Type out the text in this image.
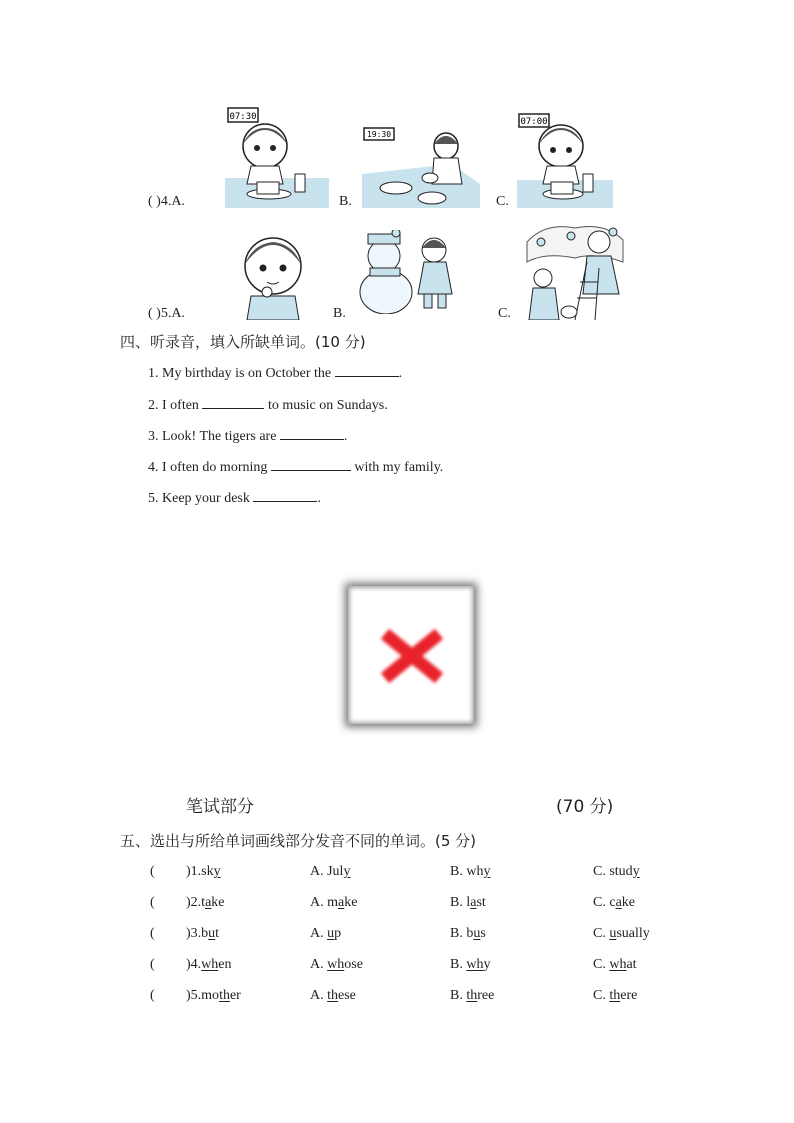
( )4.A.
07:30
B.
19:30
C.
07:00
( )5.A.	B.	C.
四、听录音，填入所缺单词。(10 分)
1. My birthday is on October the	.
2. I often	to music on Sundays.
3. Look! The tigers are	.
4. I often do morning	with my family.
5. Keep your desk	.
笔试部分	(70 分)
五、选出与所给单词画线部分发音不同的单词。(5 分)
( )1.sky	A. July	B. why	C. study
( )2.take	A. make	B. last	C. cake
( )3.but	A. up	B. bus	C. usually
( )4.when	A. whose	B. why	C. what
( )5.mother	A. these	B. three	C. there
